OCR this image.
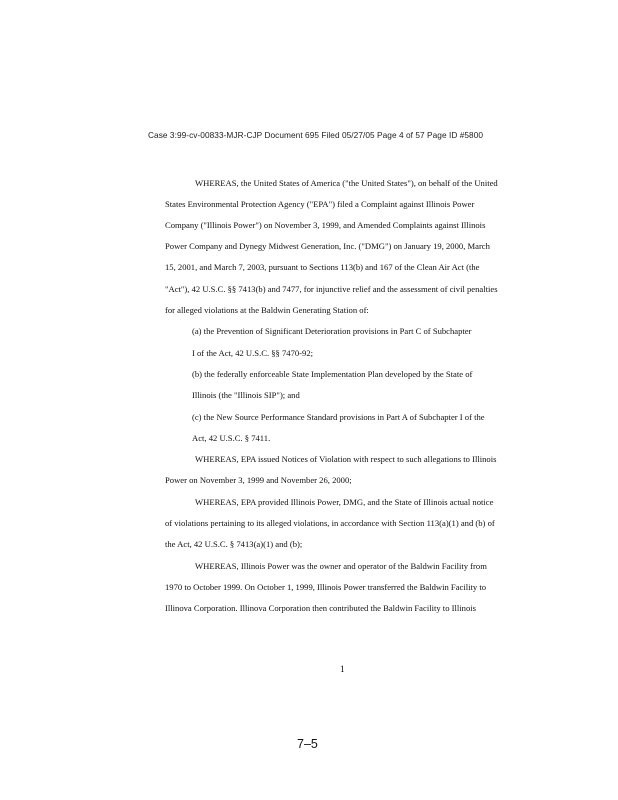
Case 3:99-cv-00833-MJR-CJP Document 695 Filed 05/27/05 Page 4 of 57 Page ID #5800
WHEREAS, the United States of America ("the United States"), on behalf of the United
States Environmental Protection Agency ("EPA") filed a Complaint against Illinois Power
Company ("Illinois Power") on November 3, 1999, and Amended Complaints against Illinois
Power Company and Dynegy Midwest Generation, Inc. ("DMG") on January 19, 2000, March
15, 2001, and March 7, 2003, pursuant to Sections 113(b) and 167 of the Clean Air Act (the
"Act"), 42 U.S.C. §§ 7413(b) and 7477, for injunctive relief and the assessment of civil penalties
for alleged violations at the Baldwin Generating Station of:
(a) the Prevention of Significant Deterioration provisions in Part C of Subchapter
I of the Act, 42 U.S.C. §§ 7470-92;
(b) the federally enforceable State Implementation Plan developed by the State of
Illinois (the "Illinois SIP"); and
(c) the New Source Performance Standard provisions in Part A of Subchapter I of the
Act, 42 U.S.C. § 7411.
WHEREAS, EPA issued Notices of Violation with respect to such allegations to Illinois
Power on November 3, 1999 and November 26, 2000;
WHEREAS, EPA provided Illinois Power, DMG, and the State of Illinois actual notice
of violations pertaining to its alleged violations, in accordance with Section 113(a)(1) and (b) of
the Act, 42 U.S.C. § 7413(a)(1) and (b);
WHEREAS, Illinois Power was the owner and operator of the Baldwin Facility from
1970 to October 1999. On October 1, 1999, Illinois Power transferred the Baldwin Facility to
Illinova Corporation. Illinova Corporation then contributed the Baldwin Facility to Illinois
1
7–5
